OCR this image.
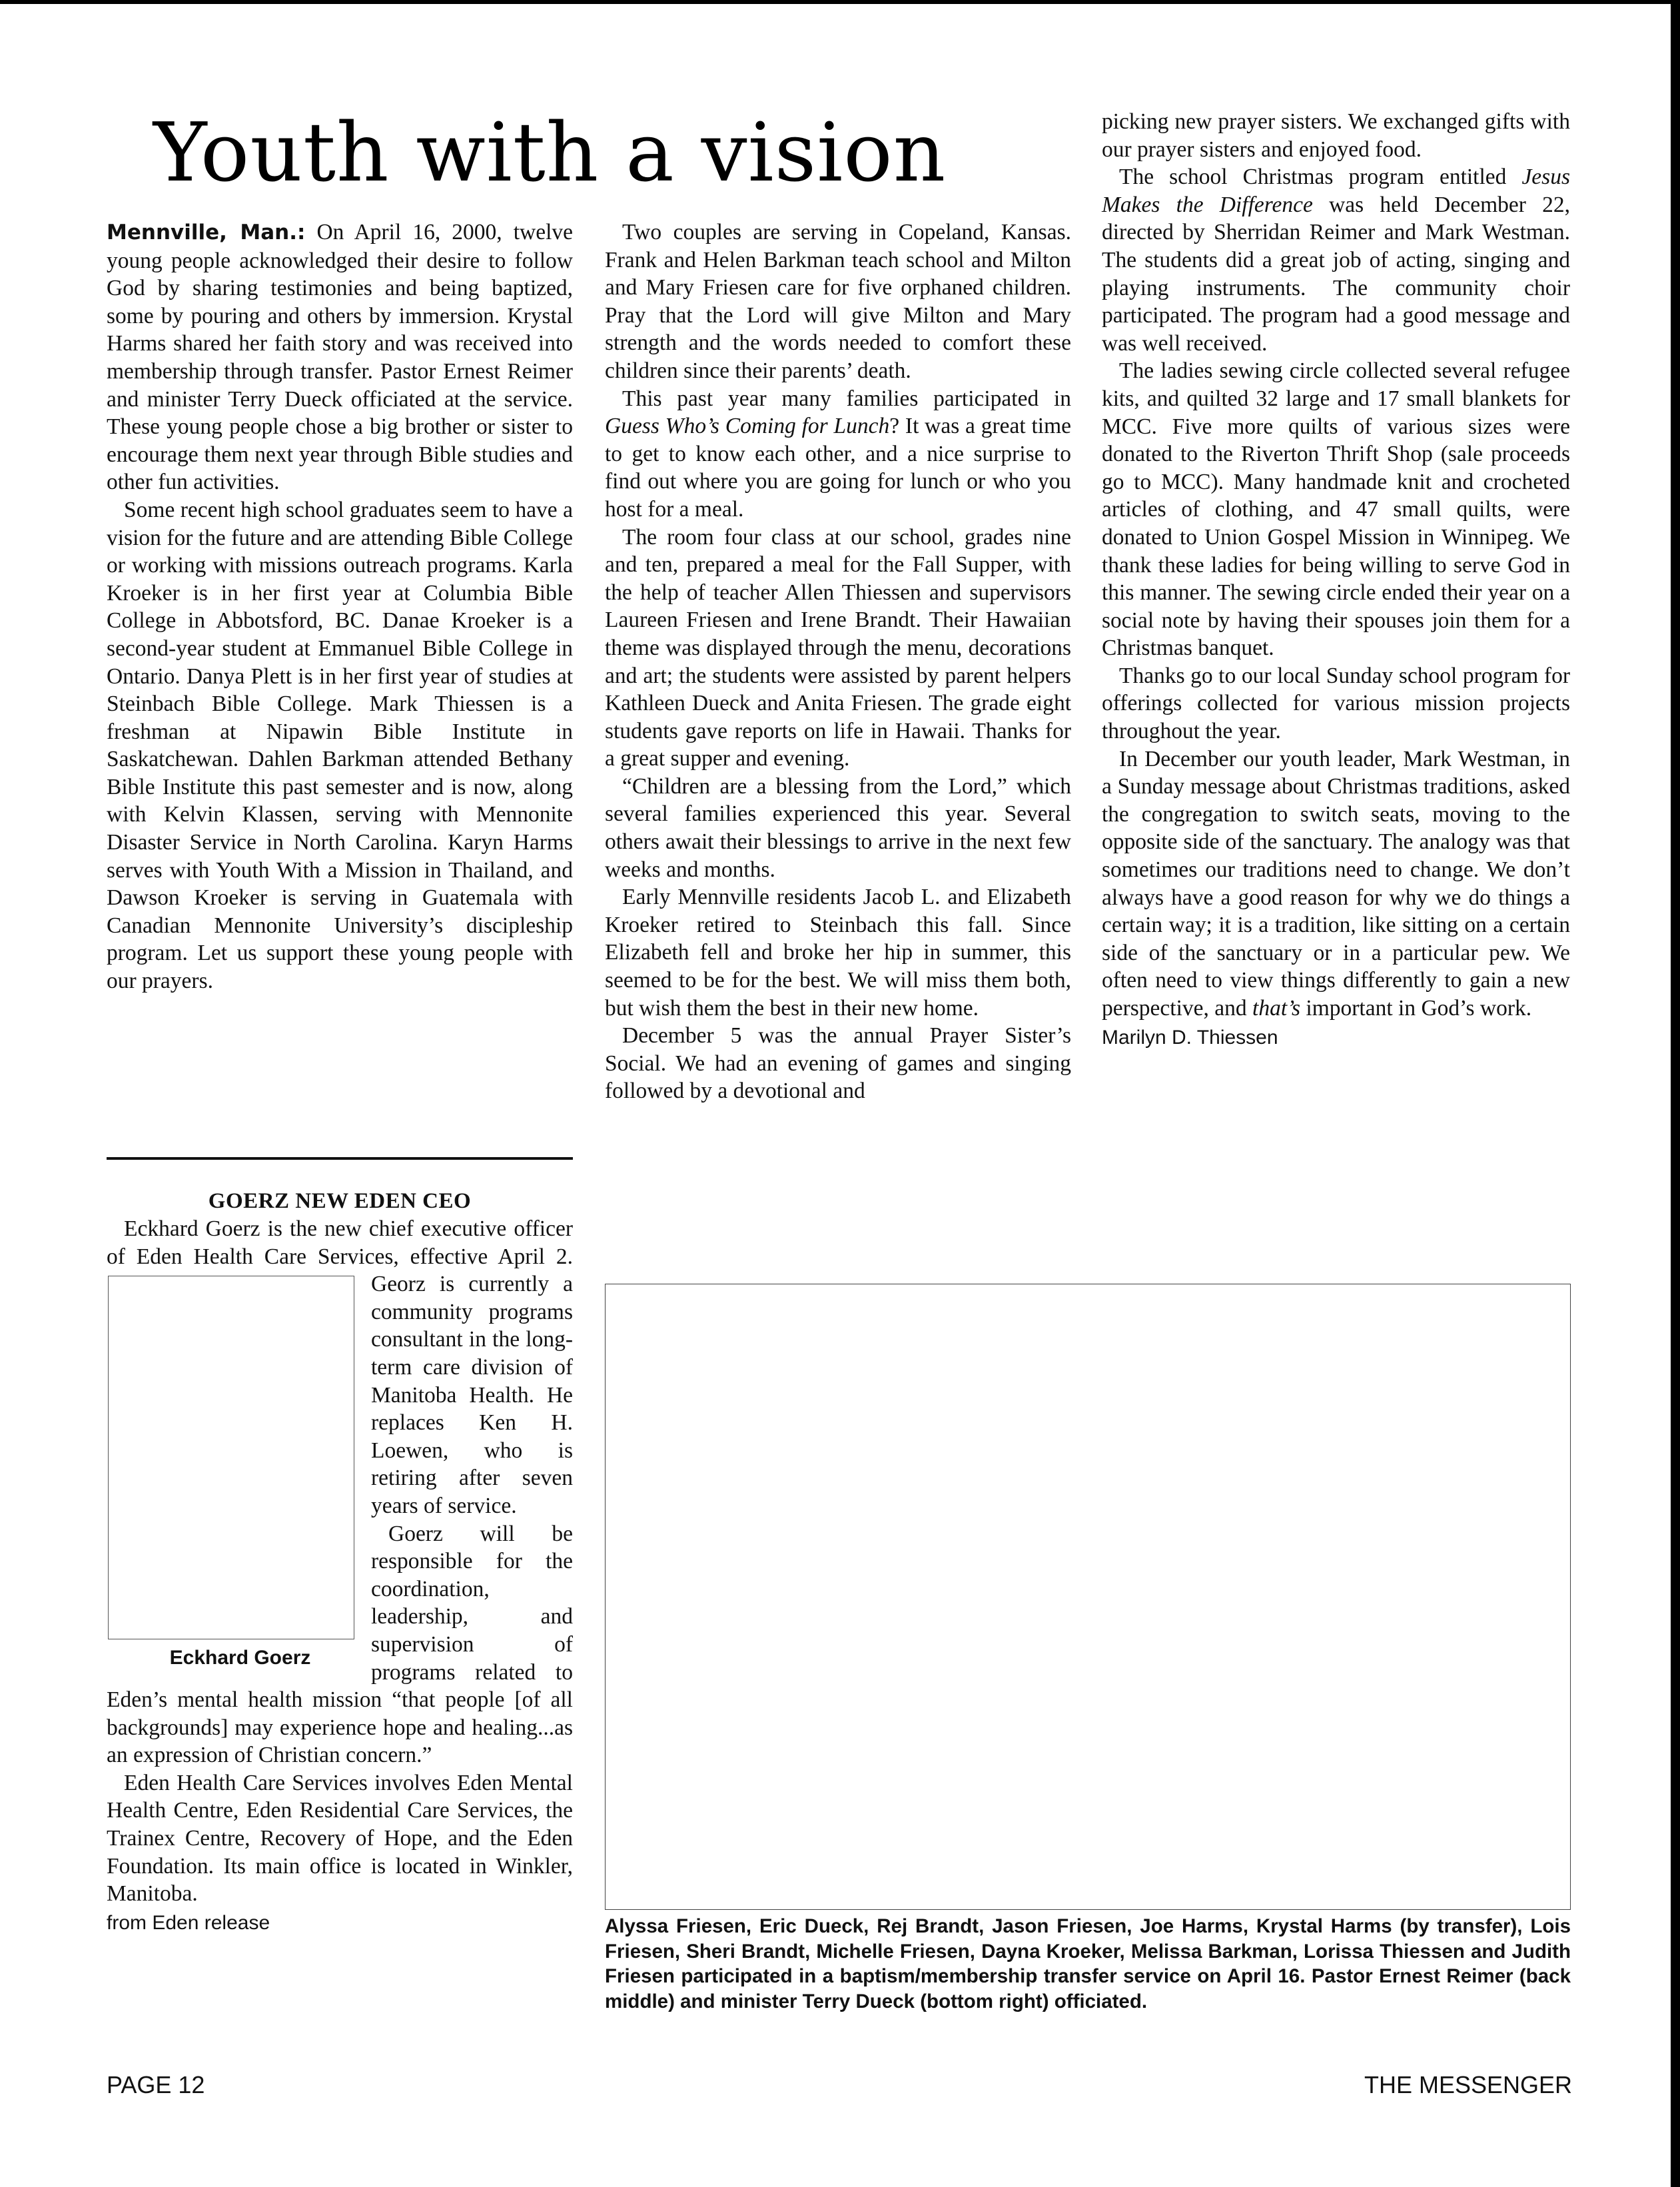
Youth with a vision

Mennville, Man.: On April 16, 2000, twelve young people acknowledged their desire to follow God by sharing testimonies and being baptized, some by pouring and others by immersion. Krystal Harms shared her faith story and was received into membership through transfer. Pastor Ernest Reimer and minister Terry Dueck officiated at the service. These young people chose a big brother or sister to encourage them next year through Bible studies and other fun activities.

Some recent high school graduates seem to have a vision for the future and are attending Bible College or working with missions outreach programs. Karla Kroeker is in her first year at Columbia Bible College in Abbotsford, BC. Danae Kroeker is a second-year student at Emmanuel Bible College in Ontario. Danya Plett is in her first year of studies at Steinbach Bible College. Mark Thiessen is a freshman at Nipawin Bible Institute in Saskatchewan. Dahlen Barkman attended Bethany Bible Institute this past semester and is now, along with Kelvin Klassen, serving with Mennonite Disaster Service in North Carolina. Karyn Harms serves with Youth With a Mission in Thailand, and Dawson Kroeker is serving in Guatemala with Canadian Mennonite University’s discipleship program. Let us support these young people with our prayers.

Two couples are serving in Copeland, Kansas. Frank and Helen Barkman teach school and Milton and Mary Friesen care for five orphaned children. Pray that the Lord will give Milton and Mary strength and the words needed to comfort these children since their parents’ death.

This past year many families participated in Guess Who’s Coming for Lunch? It was a great time to get to know each other, and a nice surprise to find out where you are going for lunch or who you host for a meal.

The room four class at our school, grades nine and ten, prepared a meal for the Fall Supper, with the help of teacher Allen Thiessen and supervisors Laureen Friesen and Irene Brandt. Their Hawaiian theme was displayed through the menu, decorations and art; the students were assisted by parent helpers Kathleen Dueck and Anita Friesen. The grade eight students gave reports on life in Hawaii. Thanks for a great supper and evening.

“Children are a blessing from the Lord,” which several families experienced this year. Several others await their blessings to arrive in the next few weeks and months.

Early Mennville residents Jacob L. and Elizabeth Kroeker retired to Steinbach this fall. Since Elizabeth fell and broke her hip in summer, this seemed to be for the best. We will miss them both, but wish them the best in their new home.

December 5 was the annual Prayer Sister’s Social. We had an evening of games and singing followed by a devotional and

picking new prayer sisters. We exchanged gifts with our prayer sisters and enjoyed food.

The school Christmas program entitled Jesus Makes the Difference was held December 22, directed by Sherridan Reimer and Mark Westman. The students did a great job of acting, singing and playing instruments. The community choir participated. The program had a good message and was well received.

The ladies sewing circle collected several refugee kits, and quilted 32 large and 17 small blankets for MCC. Five more quilts of various sizes were donated to the Riverton Thrift Shop (sale proceeds go to MCC). Many handmade knit and crocheted articles of clothing, and 47 small quilts, were donated to Union Gospel Mission in Winnipeg. We thank these ladies for being willing to serve God in this manner. The sewing circle ended their year on a social note by having their spouses join them for a Christmas banquet.

Thanks go to our local Sunday school program for offerings collected for various mission projects throughout the year.

In December our youth leader, Mark Westman, in a Sunday message about Christmas traditions, asked the congregation to switch seats, moving to the opposite side of the sanctuary. The analogy was that sometimes our traditions need to change. We don’t always have a good reason for why we do things a certain way; it is a tradition, like sitting on a certain side of the sanctuary or in a particular pew. We often need to view things differently to gain a new perspective, and that’s important in God’s work.

Marilyn D. Thiessen

GOERZ NEW EDEN CEO

Eckhard Goerz is the new chief executive officer of Eden Health Care Services, effective April 2. Georz is currently a
Eckhard Goerz
community programs consultant in the long-term care division of Manitoba Health. He replaces Ken H. Loewen, who is retiring after seven years of service.

Goerz will be responsible for the coordination, leadership, and supervision of programs related to Eden’s mental health mission “that people [of all backgrounds] may experience hope and healing...as an expression of Christian concern.”

Eden Health Care Services involves Eden Mental Health Centre, Eden Residential Care Services, the Trainex Centre, Recovery of Hope, and the Eden Foundation. Its main office is located in Winkler, Manitoba.

from Eden release	Alyssa Friesen, Eric Dueck, Rej Brandt, Jason Friesen, Joe Harms, Krystal Harms (by transfer), Lois Friesen, Sheri Brandt, Michelle Friesen, Dayna Kroeker, Melissa Barkman, Lorissa Thiessen and Judith Friesen participated in a baptism/membership transfer service on April 16. Pastor Ernest Reimer (back middle) and minister Terry Dueck (bottom right) officiated.

PAGE 12	THE MESSENGER
